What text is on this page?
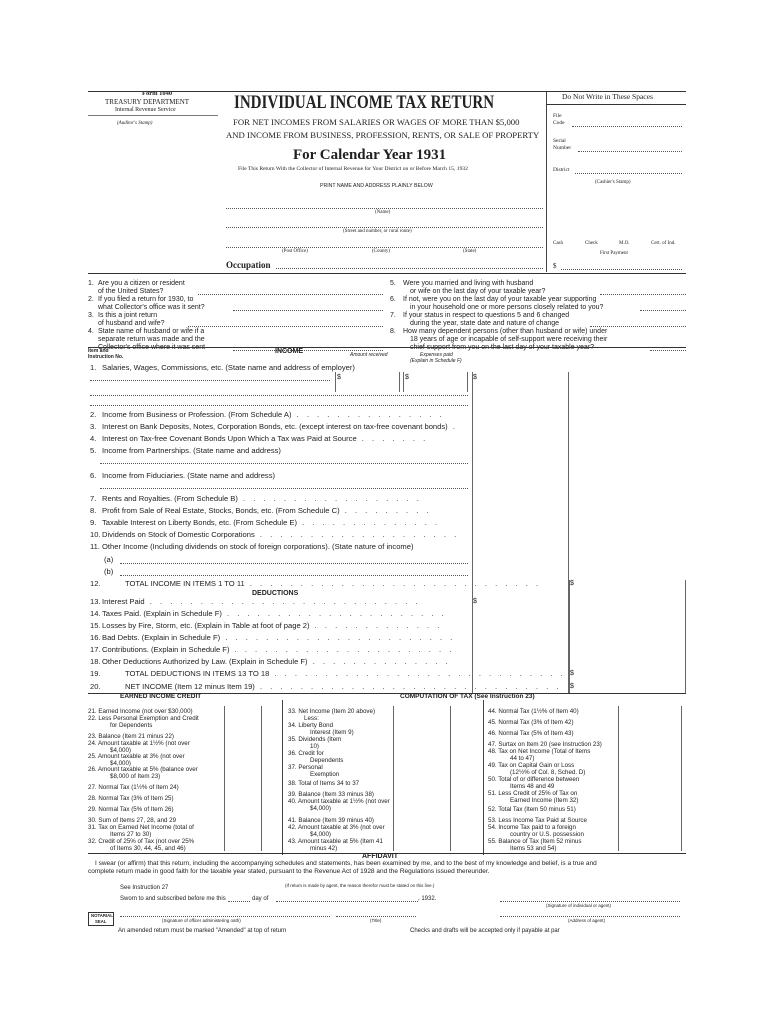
Form 1040
TREASURY DEPARTMENT
Internal Revenue Service
(Auditor's Stamp)
INDIVIDUAL INCOME TAX RETURN
FOR NET INCOMES FROM SALARIES OR WAGES OF MORE THAN $5,000
AND INCOME FROM BUSINESS, PROFESSION, RENTS, OR SALE OF PROPERTY
For Calendar Year 1931
File This Return With the Collector of Internal Revenue for Your District on or Before March 15, 1932
PRINT NAME AND ADDRESS PLAINLY BELOW
(Name)
(Street and number, or rural route)
(Post Office)	(County)	(State)
Occupation
Do Not Write in These Spaces
File
Code
Serial
Number
District
(Cashier's Stamp)
Cash	Check	M.O.	Cert. of Ind.
First Payment
$
1. Are you a citizen or resident
of the United States?
2. If you filed a return for 1930, to
what Collector's office was it sent?
3. Is this a joint return
of husband and wife?
4. State name of husband or wife if a
separate return was made and the
Collector's office where it was sent
5. Were you married and living with husband
or wife on the last day of your taxable year?
6. If not, were you on the last day of your taxable year supporting
in your household one or more persons closely related to you?
7. If your status in respect to questions 5 and 6 changed
during the year, state date and nature of change
8. How many dependent persons (other than husband or wife) under
18 years of age or incapable of self-support were receiving their
chief support from you on the last day of your taxable year?
Item and
Instruction No.
INCOME	Amount received	Expenses paid
(Explain in Schedule F)
$	$	$
1. Salaries, Wages, Commissions, etc. (State name and address of employer)
2. Income from Business or Profession. (From Schedule A) . . . . . . . . . . . . . . .
3. Interest on Bank Deposits, Notes, Corporation Bonds, etc. (except interest on tax-free covenant bonds) .
4. Interest on Tax-free Covenant Bonds Upon Which a Tax was Paid at Source . . . . . . .
5. Income from Partnerships. (State name and address)
6. Income from Fiduciaries. (State name and address)
7. Rents and Royalties. (From Schedule B) . . . . . . . . . . . . . . . . . .
8. Profit from Sale of Real Estate, Stocks, Bonds, etc. (From Schedule C) . . . . . . . . .
9. Taxable Interest on Liberty Bonds, etc. (From Schedule E) . . . . . . . . . . . . . .
10.Dividends on Stock of Domestic Corporations . . . . . . . . . . . . . . . . . . . .
11. Other Income (Including dividends on stock of foreign corporations). (State nature of income)
(a)
(b)
12.	TOTAL INCOME IN ITEMS 1 TO 11 . . . . . . . . . . . . . . . . . . . . . . . . . . . . .	$
DEDUCTIONS
13.Interest Paid . . . . . . . . . . . . . . . . . . . . . . . . . . .	$
14.Taxes Paid. (Explain in Schedule F) . . . . . . . . . . . . . . . . . . . . . .
15.Losses by Fire, Storm, etc. (Explain in Table at foot of page 2) . . . . . . . . . . . . .
16.Bad Debts. (Explain in Schedule F) . . . . . . . . . . . . . . . . . . . . . . .
17.Contributions. (Explain in Schedule F) . . . . . . . . . . . . . . . . . . . . . .
18.Other Deductions Authorized by Law. (Explain in Schedule F) . . . . . . . . . . . . . .
19.	TOTAL DEDUCTIONS IN ITEMS 13 TO 18 . . . . . . . . . . . . . . . . . . . . . . . . . . . . . $
20.	NET INCOME (Item 12 minus Item 19) . . . . . . . . . . . . . . . . . . . . . . . . . . . . . . $
EARNED INCOME CREDIT
21. Earned Income (not over $30,000)
22. Less Personal Exemption and Credit
for Dependents
23. Balance (Item 21 minus 22)
24. Amount taxable at 1½% (not over
$4,000)
25. Amount taxable at 3% (not over
$4,000)
26. Amount taxable at 5% (balance over
$8,000 of Item 23)
27. Normal Tax (1½% of Item 24)
28. Normal Tax (3% of Item 25)
29. Normal Tax (5% of Item 26)
30. Sum of Items 27, 28, and 29
31. Tax on Earned Net Income (total of
Items 27 to 30)
32. Credit of 25% of Tax (not over 25%
of Items 30, 44, 45, and 46)
COMPUTATION OF TAX (See Instruction 23)
33. Net Income (Item 20 above)
Less:
34. Liberty Bond
Interest (Item 9)
35. Dividends (Item
10)
36. Credit for
Dependents
37. Personal
Exemption
38. Total of Items 34 to 37
39. Balance (Item 33 minus 38)
40. Amount taxable at 1½% (not over
$4,000)
41. Balance (Item 39 minus 40)
42. Amount taxable at 3% (not over
$4,000)
43. Amount taxable at 5% (Item 41
minus 42)
44. Normal Tax (1½% of Item 40)
45. Normal Tax (3% of Item 42)
46. Normal Tax (5% of Item 43)
47. Surtax on Item 20 (see Instruction 23)
48. Tax on Net Income (Total of Items
44 to 47)
49. Tax on Capital Gain or Loss
(12½% of Col. 8, Sched. D)
50. Total of or difference between
Items 48 and 49
51. Less Credit of 25% of Tax on
Earned Income (Item 32)
52. Total Tax (Item 50 minus 51)
53. Less Income Tax Paid at Source
54. Income Tax paid to a foreign
country or U.S. possession
55. Balance of Tax (Item 52 minus
Items 53 and 54)
AFFIDAVIT
I swear (or affirm) that this return, including the accompanying schedules and statements, has been examined by me, and to the best of my knowledge and belief, is a true and
complete return made in good faith for the taxable year stated, pursuant to the Revenue Act of 1928 and the Regulations issued thereunder.
See Instruction 27	(If return is made by agent, the reason therefor must be stated on this line.)
Sworn to and subscribed before me this	day of	, 1932.
(Signature of individual or agent)
NOTARIAL
SEAL	(Signature of officer administering oath)	(Title)	(Address of agent)
An amended return must be marked "Amended" at top of return	Checks and drafts will be accepted only if payable at par
